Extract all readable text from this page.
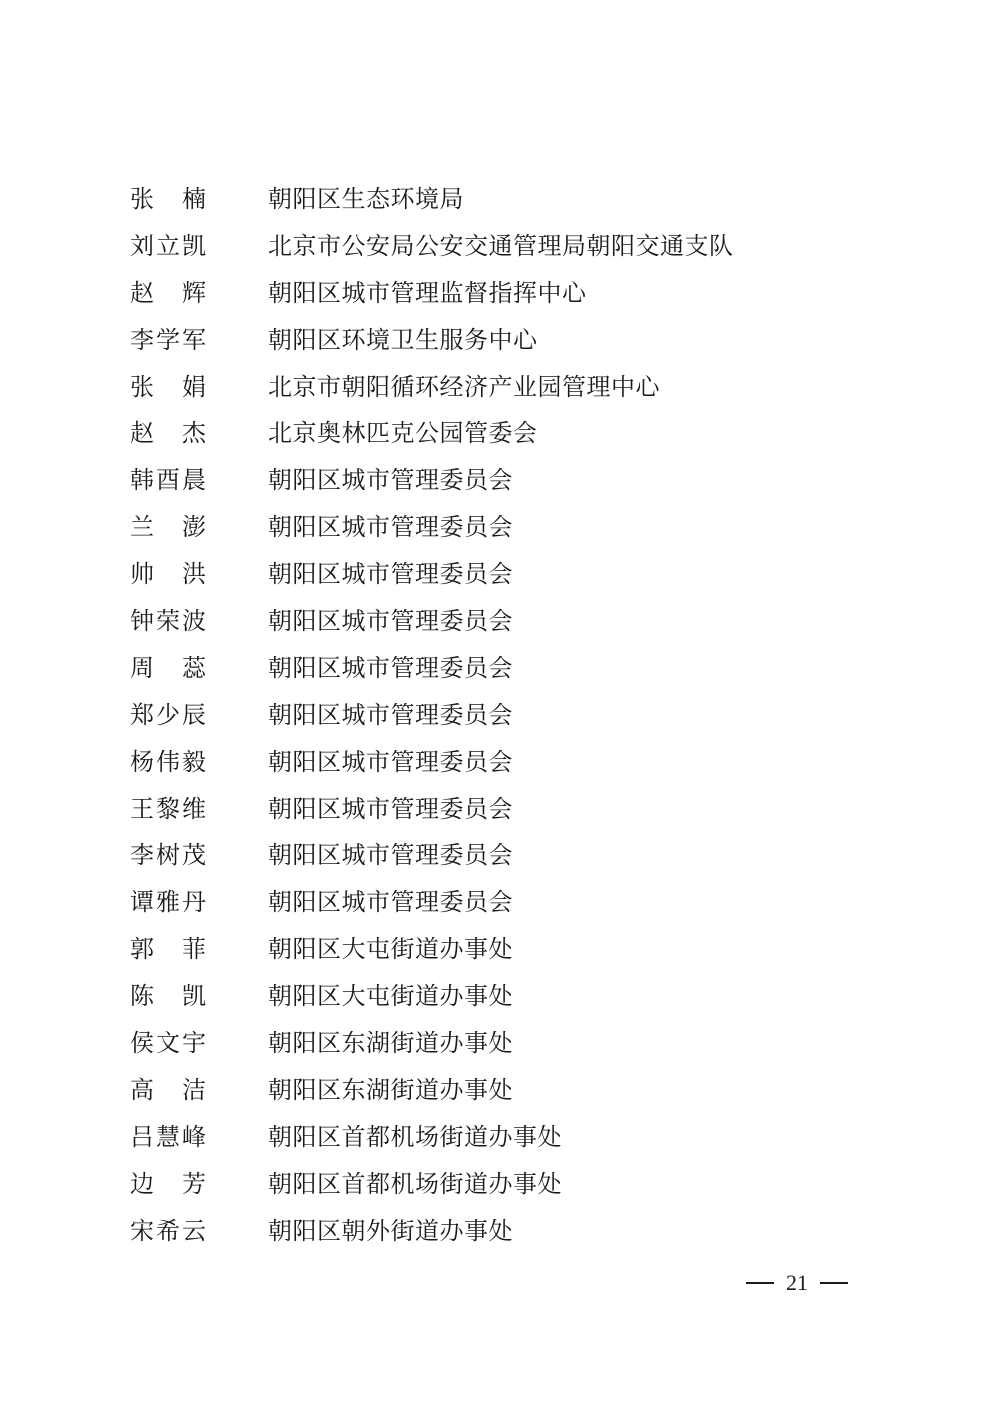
张 楠	朝阳区生态环境局
刘 立 凯	北京市公安局公安交通管理局朝阳交通支队
赵 辉	朝阳区城市管理监督指挥中心
李 学 军	朝阳区环境卫生服务中心
张 娟	北京市朝阳循环经济产业园管理中心
赵 杰	北京奥林匹克公园管委会
韩 酉 晨	朝阳区城市管理委员会
兰 澎	朝阳区城市管理委员会
帅 洪	朝阳区城市管理委员会
钟 荣 波	朝阳区城市管理委员会
周 蕊	朝阳区城市管理委员会
郑 少 辰	朝阳区城市管理委员会
杨 伟 毅	朝阳区城市管理委员会
王 黎 维	朝阳区城市管理委员会
李 树 茂	朝阳区城市管理委员会
谭 雅 丹	朝阳区城市管理委员会
郭 菲	朝阳区大屯街道办事处
陈 凯	朝阳区大屯街道办事处
侯 文 宇	朝阳区东湖街道办事处
高 洁	朝阳区东湖街道办事处
吕 慧 峰	朝阳区首都机场街道办事处
边 芳	朝阳区首都机场街道办事处
宋 希 云	朝阳区朝外街道办事处
21
